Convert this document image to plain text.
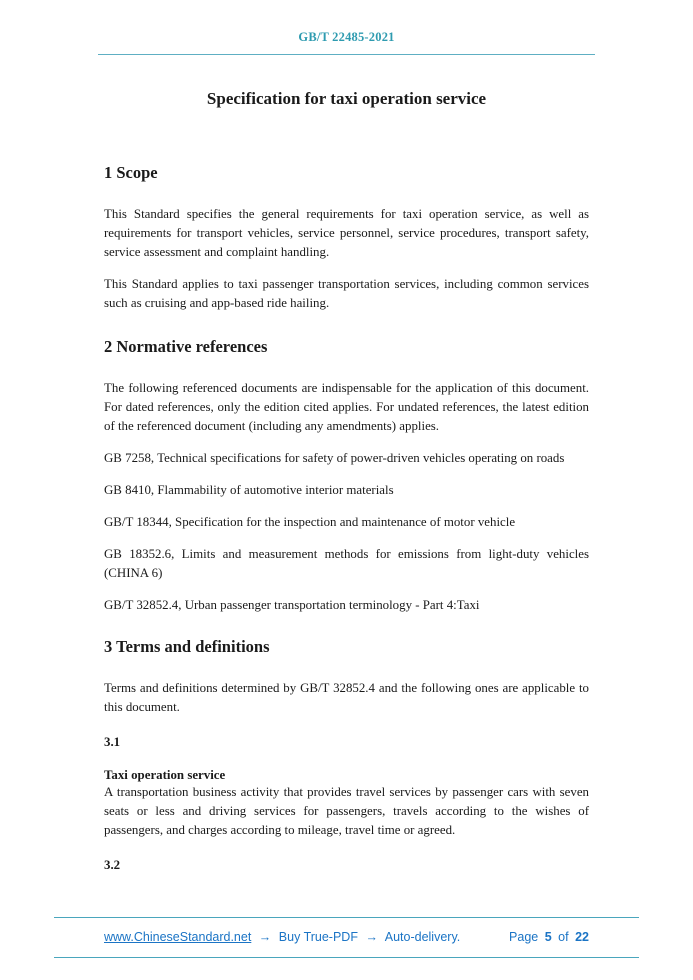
GB/T 22485-2021
Specification for taxi operation service
1 Scope

This Standard specifies the general requirements for taxi operation service, as well as requirements for transport vehicles, service personnel, service procedures, transport safety, service assessment and complaint handling.

This Standard applies to taxi passenger transportation services, including common services such as cruising and app-based ride hailing.

2 Normative references

The following referenced documents are indispensable for the application of this document. For dated references, only the edition cited applies. For undated references, the latest edition of the referenced document (including any amendments) applies.

GB 7258, Technical specifications for safety of power-driven vehicles operating on roads

GB 8410, Flammability of automotive interior materials

GB/T 18344, Specification for the inspection and maintenance of motor vehicle

GB 18352.6, Limits and measurement methods for emissions from light-duty vehicles (CHINA 6)

GB/T 32852.4, Urban passenger transportation terminology - Part 4:Taxi

3 Terms and definitions

Terms and definitions determined by GB/T 32852.4 and the following ones are applicable to this document.

3.1
Taxi operation service

A transportation business activity that provides travel services by passenger cars with seven seats or less and driving services for passengers, travels according to the wishes of passengers, and charges according to mileage, travel time or agreed.

3.2
www.ChineseStandard.net → Buy True-PDF → Auto-delivery.	Page 5 of 22
